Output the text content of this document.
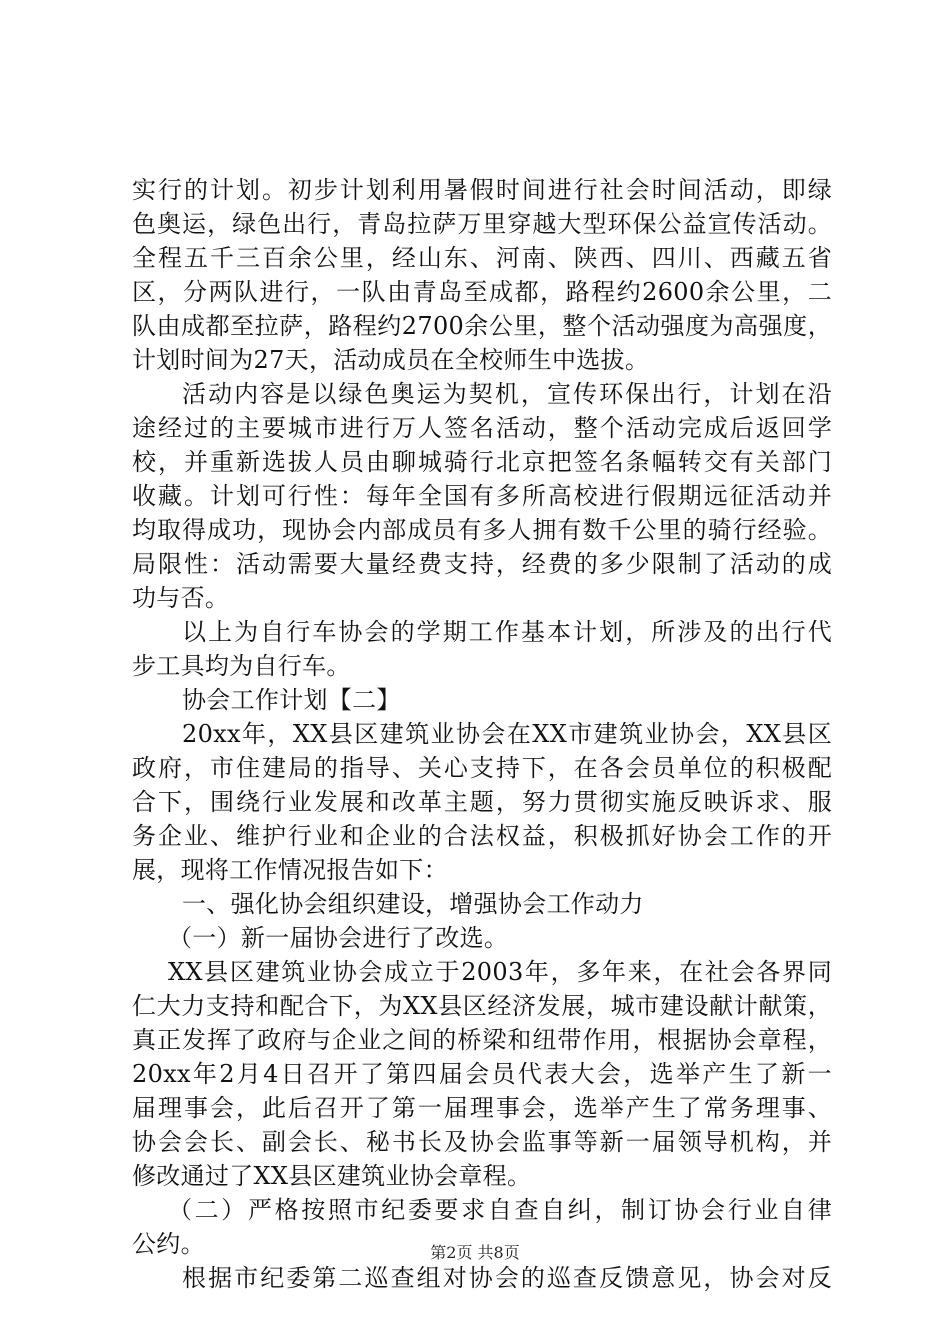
实行的计划。初步计划利用暑假时间进行社会时间活动，即绿
色奥运，绿色出行，青岛拉萨万里穿越大型环保公益宣传活动。
全程五千三百余公里，经山东、河南、陕西、四川、西藏五省
区，分两队进行，一队由青岛至成都，路程约2600余公里，二
队由成都至拉萨，路程约2700余公里，整个活动强度为高强度，
计划时间为27天，活动成员在全校师生中选拔。
活动内容是以绿色奥运为契机，宣传环保出行，计划在沿
途经过的主要城市进行万人签名活动，整个活动完成后返回学
校，并重新选拔人员由聊城骑行北京把签名条幅转交有关部门
收藏。计划可行性：每年全国有多所高校进行假期远征活动并
均取得成功，现协会内部成员有多人拥有数千公里的骑行经验。
局限性：活动需要大量经费支持，经费的多少限制了活动的成
功与否。
以上为自行车协会的学期工作基本计划，所涉及的出行代
步工具均为自行车。
协会工作计划【二】
20xx年，XX县区建筑业协会在XX市建筑业协会，XX县区
政府，市住建局的指导、关心支持下，在各会员单位的积极配
合下，围绕行业发展和改革主题，努力贯彻实施反映诉求、服
务企业、维护行业和企业的合法权益，积极抓好协会工作的开
展，现将工作情况报告如下：
一、强化协会组织建设，增强协会工作动力
（一）新一届协会进行了改选。
XX县区建筑业协会成立于2003年，多年来，在社会各界同
仁大力支持和配合下，为XX县区经济发展，城市建设献计献策，
真正发挥了政府与企业之间的桥梁和纽带作用，根据协会章程，
20xx年2月4日召开了第四届会员代表大会，选举产生了新一
届理事会，此后召开了第一届理事会，选举产生了常务理事、
协会会长、副会长、秘书长及协会监事等新一届领导机构，并
修改通过了XX县区建筑业协会章程。
（二）严格按照市纪委要求自查自纠，制订协会行业自律
公约。
根据市纪委第二巡查组对协会的巡查反馈意见，协会对反
第2页 共8页
